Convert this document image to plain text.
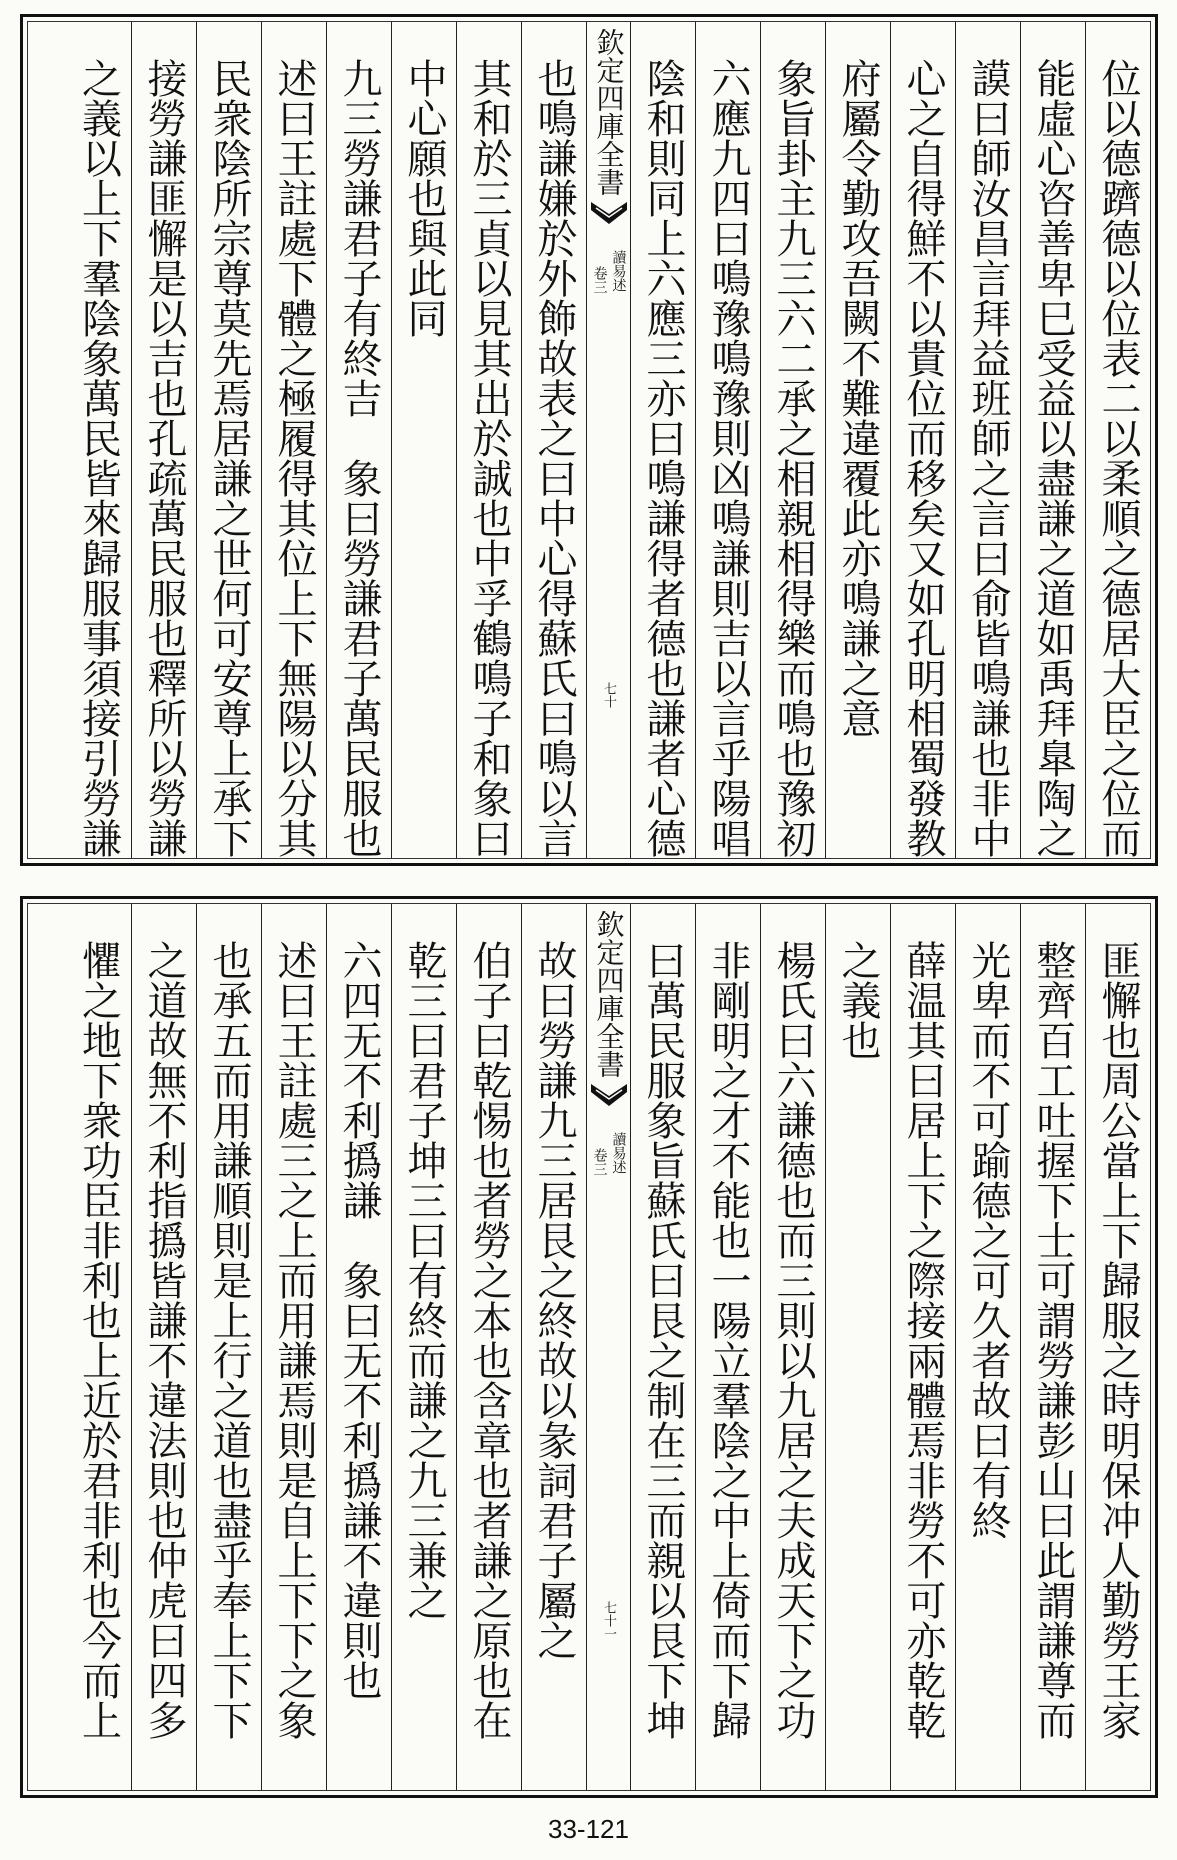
位以德躋德以位表二以柔順之德居大臣之位而
能虛心咨善卑巳受益以盡謙之道如禹拜臯陶之
謨曰師汝昌言拜益班師之言曰俞皆鳴謙也非中
心之自得鮮不以貴位而移矣又如孔明相蜀發教
府屬令勤攻吾闕不難違覆此亦鳴謙之意
象旨卦主九三六二承之相親相得樂而鳴也豫初
六應九四曰鳴豫鳴豫則凶鳴謙則吉以言乎陽唱
陰和則同上六應三亦曰鳴謙得者德也謙者心德
欽定四庫全書
讀易述
卷三
七十
也鳴謙嫌於外飾故表之曰中心得蘇氏曰鳴以言
其和於三貞以見其出於誠也中孚鶴鳴子和象曰
中心願也與此同
九三勞謙君子有終吉　象曰勞謙君子萬民服也
述曰王註處下體之極履得其位上下無陽以分其
民衆陰所宗尊莫先焉居謙之世何可安尊上承下
接勞謙匪懈是以吉也孔疏萬民服也釋所以勞謙
之義以上下羣陰象萬民皆來歸服事須接引勞謙
匪懈也周公當上下歸服之時明保冲人勤勞王家
整齊百工吐握下士可謂勞謙彭山曰此謂謙尊而
光卑而不可踰德之可久者故曰有終
薛温其曰居上下之際接兩體焉非勞不可亦乾乾
之義也
楊氏曰六謙德也而三則以九居之夫成天下之功
非剛明之才不能也一陽立羣陰之中上倚而下歸
曰萬民服象旨蘇氏曰艮之制在三而親以艮下坤
欽定四庫全書
讀易述
卷三
七十一
故曰勞謙九三居艮之終故以彖詞君子屬之
伯子曰乾惕也者勞之本也含章也者謙之原也在
乾三曰君子坤三曰有終而謙之九三兼之
六四无不利撝謙　象曰无不利撝謙不違則也
述曰王註處三之上而用謙焉則是自上下下之象
也承五而用謙順則是上行之道也盡乎奉上下下
之道故無不利指撝皆謙不違法則也仲虎曰四多
懼之地下衆功臣非利也上近於君非利也今而上
33-121
